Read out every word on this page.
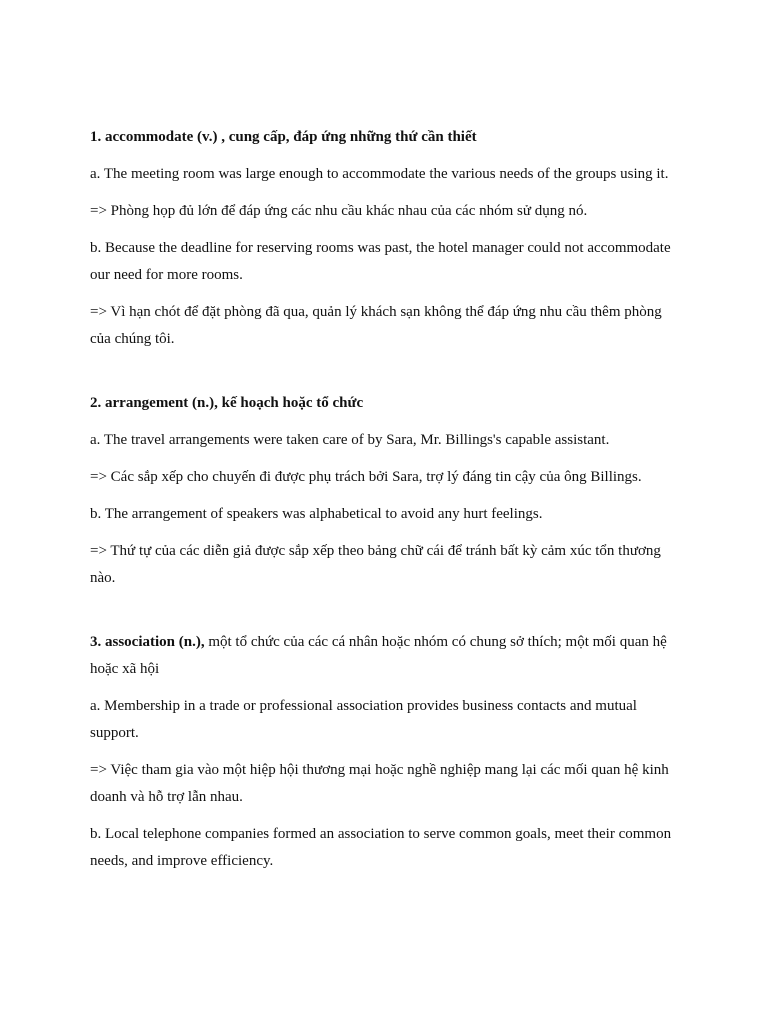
1. accommodate (v.) , cung cấp, đáp ứng những thứ cần thiết

a. The meeting room was large enough to accommodate the various needs of the groups using it.

=> Phòng họp đủ lớn để đáp ứng các nhu cầu khác nhau của các nhóm sử dụng nó.

b. Because the deadline for reserving rooms was past, the hotel manager could not accommodate our need for more rooms.

=> Vì hạn chót để đặt phòng đã qua, quản lý khách sạn không thể đáp ứng nhu cầu thêm phòng của chúng tôi.

2. arrangement (n.), kế hoạch hoặc tổ chức

a. The travel arrangements were taken care of by Sara, Mr. Billings's capable assistant.

=> Các sắp xếp cho chuyến đi được phụ trách bởi Sara, trợ lý đáng tin cậy của ông Billings.

b. The arrangement of speakers was alphabetical to avoid any hurt feelings.

=> Thứ tự của các diễn giả được sắp xếp theo bảng chữ cái để tránh bất kỳ cảm xúc tổn thương nào.

3. association (n.), một tổ chức của các cá nhân hoặc nhóm có chung sở thích; một mối quan hệ hoặc xã hội

a. Membership in a trade or professional association provides business contacts and mutual support.

=> Việc tham gia vào một hiệp hội thương mại hoặc nghề nghiệp mang lại các mối quan hệ kinh doanh và hỗ trợ lẫn nhau.

b. Local telephone companies formed an association to serve common goals, meet their common needs, and improve efficiency.
